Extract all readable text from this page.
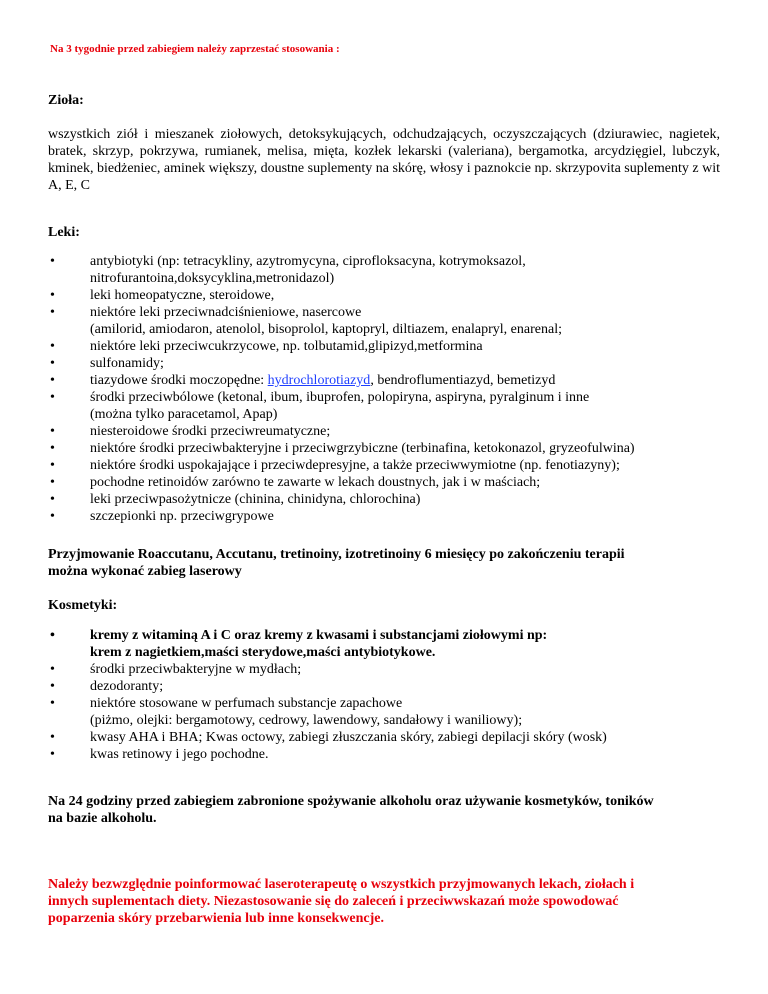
Na 3 tygodnie przed zabiegiem należy zaprzestać stosowania :
Zioła:
wszystkich ziół i mieszanek ziołowych, detoksykujących, odchudzających, oczyszczających (dziurawiec, nagietek, bratek, skrzyp, pokrzywa, rumianek, melisa, mięta, kozłek lekarski (valeriana), bergamotka, arcydzięgiel, lubczyk, kminek, biedżeniec, aminek większy, doustne suplementy na skórę, włosy i paznokcie np. skrzypovita suplementy z wit A, E, C
Leki:
• antybiotyki (np: tetracykliny, azytromycyna, ciprofloksacyna, kotrymoksazol,
nitrofurantoina,doksycyklina,metronidazol)
• leki homeopatyczne, steroidowe,
• niektóre leki przeciwnadciśnieniowe, nasercowe
(amilorid, amiodaron, atenolol, bisoprolol, kaptopryl, diltiazem, enalapryl, enarenal;
• niektóre leki przeciwcukrzycowe, np. tolbutamid,glipizyd,metformina
• sulfonamidy;
• tiazydowe środki moczopędne: hydrochlorotiazyd, bendroflumentiazyd, bemetizyd
• środki przeciwbólowe (ketonal, ibum, ibuprofen, polopiryna, aspiryna, pyralginum i inne
(można tylko paracetamol, Apap)
• niesteroidowe środki przeciwreumatyczne;
• niektóre środki przeciwbakteryjne i przeciwgrzybiczne (terbinafina, ketokonazol, gryzeofulwina)
• niektóre środki uspokajające i przeciwdepresyjne, a także przeciwwymiotne (np. fenotiazyny);
• pochodne retinoidów zarówno te zawarte w lekach doustnych, jak i w maściach;
• leki przeciwpasożytnicze (chinina, chinidyna, chlorochina)
• szczepionki np. przeciwgrypowe
Przyjmowanie Roaccutanu, Accutanu, tretinoiny, izotretinoiny 6 miesięcy po zakończeniu terapii
można wykonać zabieg laserowy
Kosmetyki:
• kremy z witaminą A i C oraz kremy z kwasami i substancjami ziołowymi np:
krem z nagietkiem,maści sterydowe,maści antybiotykowe.
• środki przeciwbakteryjne w mydłach;
• dezodoranty;
• niektóre stosowane w perfumach substancje zapachowe
(piżmo, olejki: bergamotowy, cedrowy, lawendowy, sandałowy i waniliowy);
• kwasy AHA i BHA; Kwas octowy, zabiegi złuszczania skóry, zabiegi depilacji skóry (wosk)
• kwas retinowy i jego pochodne.
Na 24 godziny przed zabiegiem zabronione spożywanie alkoholu oraz używanie kosmetyków, toników
na bazie alkoholu.
Należy bezwzględnie poinformować laseroterapeutę o wszystkich przyjmowanych lekach, ziołach i
innych suplementach diety. Niezastosowanie się do zaleceń i przeciwwskazań może spowodować
poparzenia skóry przebarwienia lub inne konsekwencje.
